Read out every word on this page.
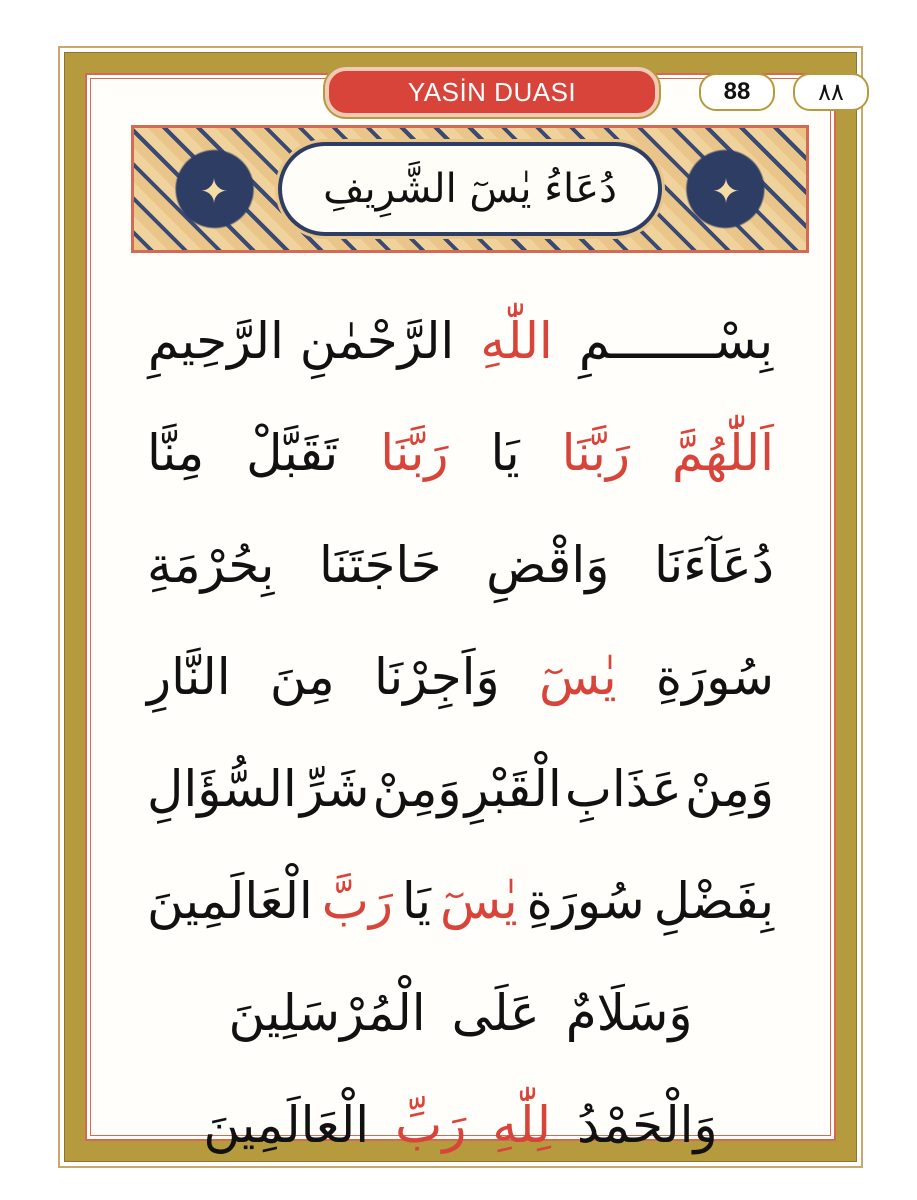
YASİN DUASI	88	٨٨
✦	✦
دُعَاءُ يٰسٓ الشَّرِيفِ
بِسْـــــــمِ
اللّٰهِ
الرَّحْمٰنِ الرَّحِيمِ
اَللّٰهُمَّ
رَبَّنَا
يَا
رَبَّنَا
تَقَبَّلْ
مِنَّا
دُعَآءَنَا
وَاقْضِ
حَاجَتَنَا
بِحُرْمَةِ
سُورَةِ
يٰسٓ
وَاَجِرْنَا
مِنَ
النَّارِ
وَمِنْ
عَذَابِ
الْقَبْرِ
وَمِنْ
شَرِّ
السُّؤَالِ
بِفَضْلِ
سُورَةِ
يٰسٓ
يَا
رَبَّ
الْعَالَمِينَ
وَسَلَامٌ
عَلَى
الْمُرْسَلِينَ
وَالْحَمْدُ
لِلّٰهِ
رَبِّ
الْعَالَمِينَ
